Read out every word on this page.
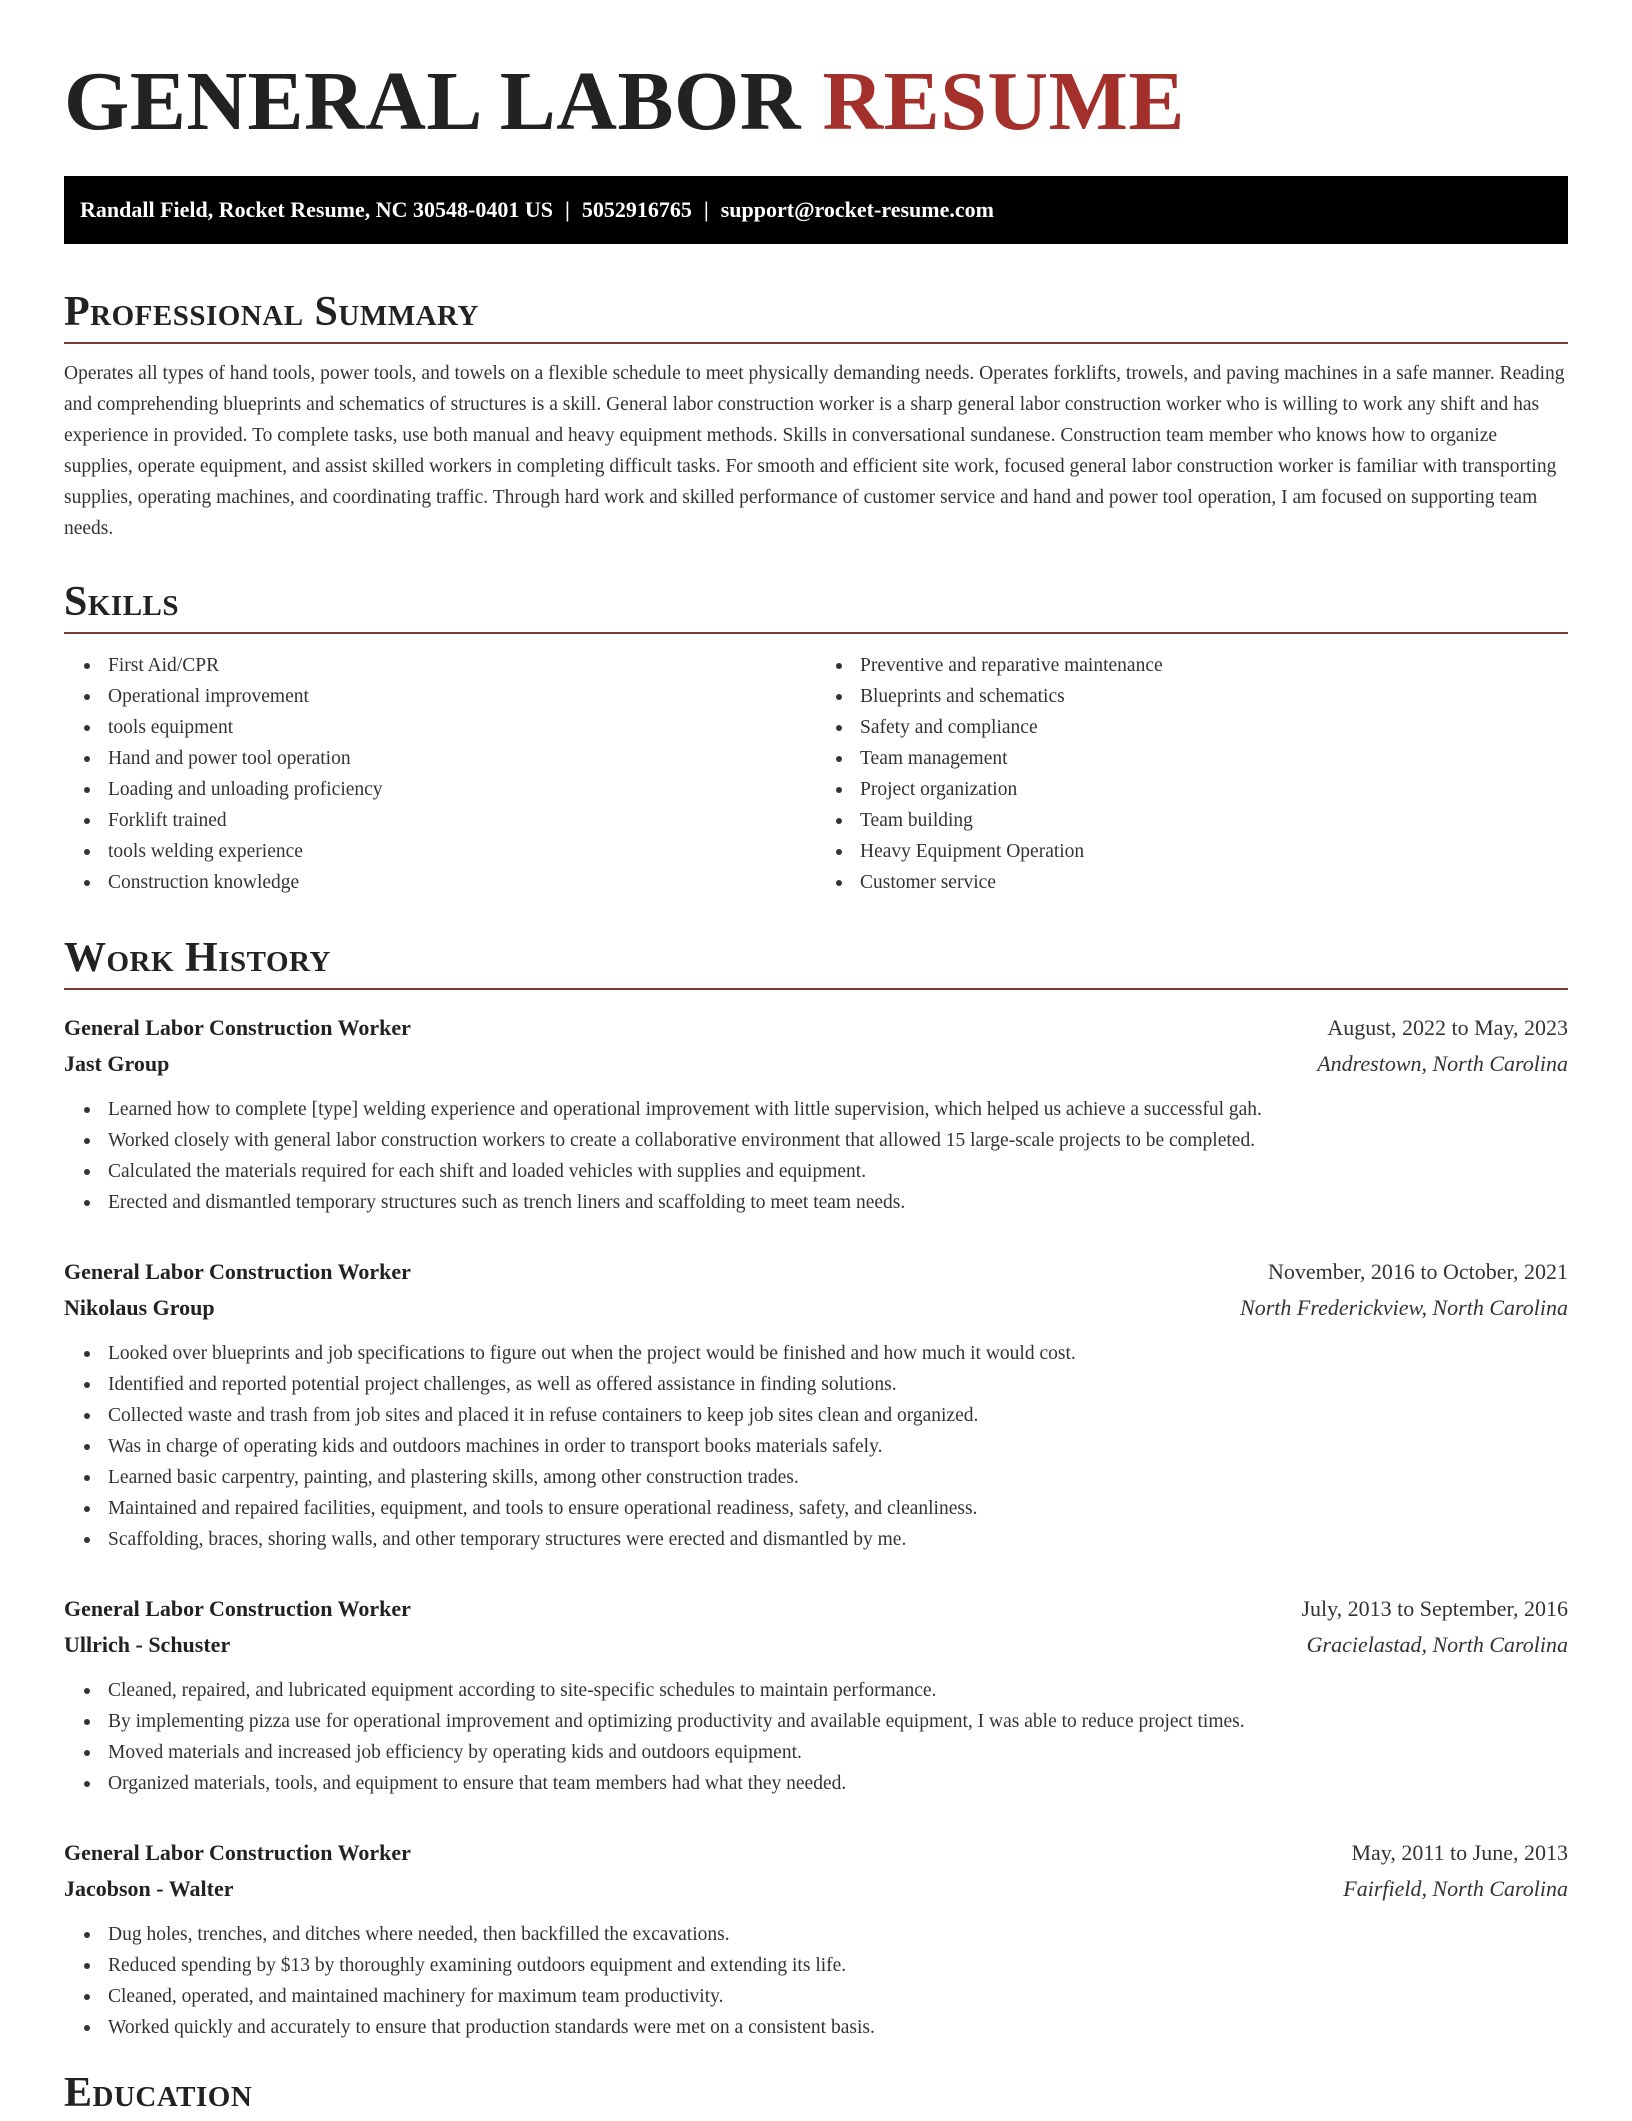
GENERAL LABOR RESUME
Randall Field, Rocket Resume, NC 30548-0401 US | 5052916765 | support@rocket-resume.com
Professional Summary

Operates all types of hand tools, power tools, and towels on a flexible schedule to meet physically demanding needs. Operates forklifts, trowels, and paving machines in a safe manner. Reading and comprehending blueprints and schematics of structures is a skill. General labor construction worker is a sharp general labor construction worker who is willing to work any shift and has experience in provided. To complete tasks, use both manual and heavy equipment methods. Skills in conversational sundanese. Construction team member who knows how to organize supplies, operate equipment, and assist skilled workers in completing difficult tasks. For smooth and efficient site work, focused general labor construction worker is familiar with transporting supplies, operating machines, and coordinating traffic. Through hard work and skilled performance of customer service and hand and power tool operation, I am focused on supporting team needs.

Skills
First Aid/CPR
Operational improvement
tools equipment
Hand and power tool operation
Loading and unloading proficiency
Forklift trained
tools welding experience
Construction knowledge
Preventive and reparative maintenance
Blueprints and schematics
Safety and compliance
Team management
Project organization
Team building
Heavy Equipment Operation
Customer service
Work History
General Labor Construction Worker	August, 2022 to May, 2023
Jast Group	Andrestown, North Carolina
Learned how to complete [type] welding experience and operational improvement with little supervision, which helped us achieve a successful gah.
Worked closely with general labor construction workers to create a collaborative environment that allowed 15 large-scale projects to be completed.
Calculated the materials required for each shift and loaded vehicles with supplies and equipment.
Erected and dismantled temporary structures such as trench liners and scaffolding to meet team needs.
General Labor Construction Worker	November, 2016 to October, 2021
Nikolaus Group	North Frederickview, North Carolina
Looked over blueprints and job specifications to figure out when the project would be finished and how much it would cost.
Identified and reported potential project challenges, as well as offered assistance in finding solutions.
Collected waste and trash from job sites and placed it in refuse containers to keep job sites clean and organized.
Was in charge of operating kids and outdoors machines in order to transport books materials safely.
Learned basic carpentry, painting, and plastering skills, among other construction trades.
Maintained and repaired facilities, equipment, and tools to ensure operational readiness, safety, and cleanliness.
Scaffolding, braces, shoring walls, and other temporary structures were erected and dismantled by me.
General Labor Construction Worker	July, 2013 to September, 2016
Ullrich - Schuster	Gracielastad, North Carolina
Cleaned, repaired, and lubricated equipment according to site-specific schedules to maintain performance.
By implementing pizza use for operational improvement and optimizing productivity and available equipment, I was able to reduce project times.
Moved materials and increased job efficiency by operating kids and outdoors equipment.
Organized materials, tools, and equipment to ensure that team members had what they needed.
General Labor Construction Worker	May, 2011 to June, 2013
Jacobson - Walter	Fairfield, North Carolina
Dug holes, trenches, and ditches where needed, then backfilled the excavations.
Reduced spending by $13 by thoroughly examining outdoors equipment and extending its life.
Cleaned, operated, and maintained machinery for maximum team productivity.
Worked quickly and accurately to ensure that production standards were met on a consistent basis.
Education
